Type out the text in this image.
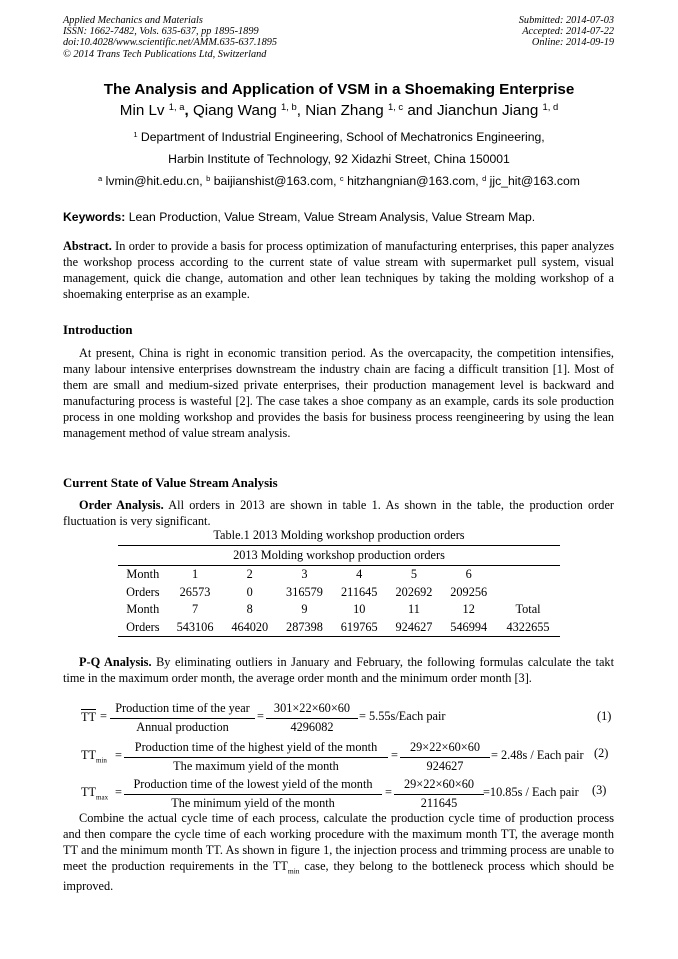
Applied Mechanics and Materials
ISSN: 1662-7482, Vols. 635-637, pp 1895-1899
doi:10.4028/www.scientific.net/AMM.635-637.1895
© 2014 Trans Tech Publications Ltd, Switzerland
Submitted: 2014-07-03
Accepted: 2014-07-22
Online: 2014-09-19
The Analysis and Application of VSM in a Shoemaking Enterprise
Min Lv $^{1, a}$, Qiang Wang $^{1, b}$, Nian Zhang $^{1, c}$ and Jianchun Jiang $^{1, d}$
$^1$ Department of Industrial Engineering, School of Mechatronics Engineering,
Harbin Institute of Technology, 92 Xidazhi Street, China 150001
$^a$ lvmin@hit.edu.cn, $^b$ baijianshist@163.com, $^c$ hitzhangnian@163.com, $^d$ jjc_hit@163.com
Keywords: Lean Production, Value Stream, Value Stream Analysis, Value Stream Map.
Abstract. In order to provide a basis for process optimization of manufacturing enterprises, this paper analyzes the workshop process according to the current state of value stream with supermarket pull system, visual management, quick die change, automation and other lean techniques by taking the molding workshop of a shoemaking enterprise as an example.
Introduction
At present, China is right in economic transition period. As the overcapacity, the competition intensifies, many labour intensive enterprises downstream the industry chain are facing a difficult transition [1]. Most of them are small and medium-sized private enterprises, their production management level is backward and manufacturing process is wasteful [2]. The case takes a shoe company as an example, cards its sole production process in one molding workshop and provides the basis for business process reengineering by using the lean management method of value stream analysis.
Current State of Value Stream Analysis
Order Analysis. All orders in 2013 are shown in table 1. As shown in the table, the production order fluctuation is very significant.
Table.1 2013 Molding workshop production orders
2013 Molding workshop production orders							
Month	1	2	3	4	5	6	
Orders	26573	0	316579	211645	202692	209256	
Month	7	8	9	10	11	12	Total
Orders	543106	464020	287398	619765	924627	546994	4322655
P-Q Analysis. By eliminating outliers in January and February, the following formulas calculate the takt time in the maximum order month, the average order month and the minimum order month [3].
TT =
Production time of the year
Annual production
=
301×22×60×60
4296082
= 5.55s/Each pair	(1)
$TT_{min}$ =
Production time of the highest yield of the month
The maximum yield of the month
=
29×22×60×60
924627
= 2.48s / Each pair (2)
$TT_{max}$ =
Production time of the lowest yield of the month
The minimum yield of the month
=
29×22×60×60
211645
=10.85s / Each pair (3)
Combine the actual cycle time of each process, calculate the production cycle time of production process and then compare the cycle time of each working procedure with the maximum month TT, the average month TT and the minimum month TT. As shown in figure 1, the injection process and trimming process are unable to meet the production requirements in the $TT_{min}$ case, they belong to the bottleneck process which should be improved.
